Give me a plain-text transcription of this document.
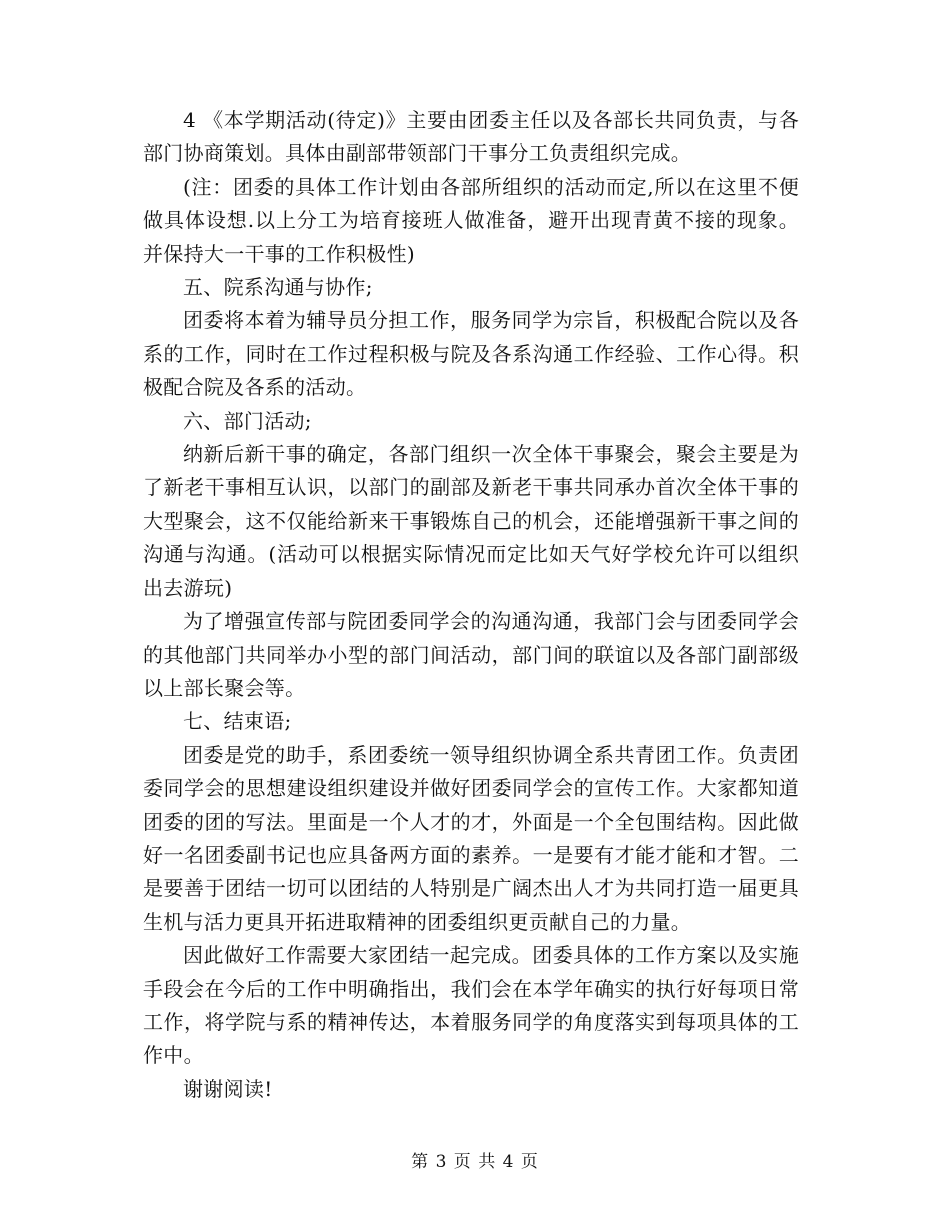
4 《本学期活动(待定)》主要由团委主任以及各部长共同负责，与各部门协商策划。具体由副部带领部门干事分工负责组织完成。

(注：团委的具体工作计划由各部所组织的活动而定,所以在这里不便做具体设想.以上分工为培育接班人做准备，避开出现青黄不接的现象。并保持大一干事的工作积极性)

五、院系沟通与协作;

团委将本着为辅导员分担工作，服务同学为宗旨，积极配合院以及各系的工作，同时在工作过程积极与院及各系沟通工作经验、工作心得。积极配合院及各系的活动。

六、部门活动;

纳新后新干事的确定，各部门组织一次全体干事聚会，聚会主要是为了新老干事相互认识，以部门的副部及新老干事共同承办首次全体干事的大型聚会，这不仅能给新来干事锻炼自己的机会，还能增强新干事之间的沟通与沟通。(活动可以根据实际情况而定比如天气好学校允许可以组织出去游玩)

为了增强宣传部与院团委同学会的沟通沟通，我部门会与团委同学会的其他部门共同举办小型的部门间活动，部门间的联谊以及各部门副部级以上部长聚会等。

七、结束语;

团委是党的助手，系团委统一领导组织协调全系共青团工作。负责团委同学会的思想建设组织建设并做好团委同学会的宣传工作。大家都知道团委的团的写法。里面是一个人才的才，外面是一个全包围结构。因此做好一名团委副书记也应具备两方面的素养。一是要有才能才能和才智。二是要善于团结一切可以团结的人特别是广阔杰出人才为共同打造一届更具生机与活力更具开拓进取精神的团委组织更贡献自己的力量。

因此做好工作需要大家团结一起完成。团委具体的工作方案以及实施手段会在今后的工作中明确指出，我们会在本学年确实的执行好每项日常工作，将学院与系的精神传达，本着服务同学的角度落实到每项具体的工作中。

谢谢阅读!

第 3 页 共 4 页
